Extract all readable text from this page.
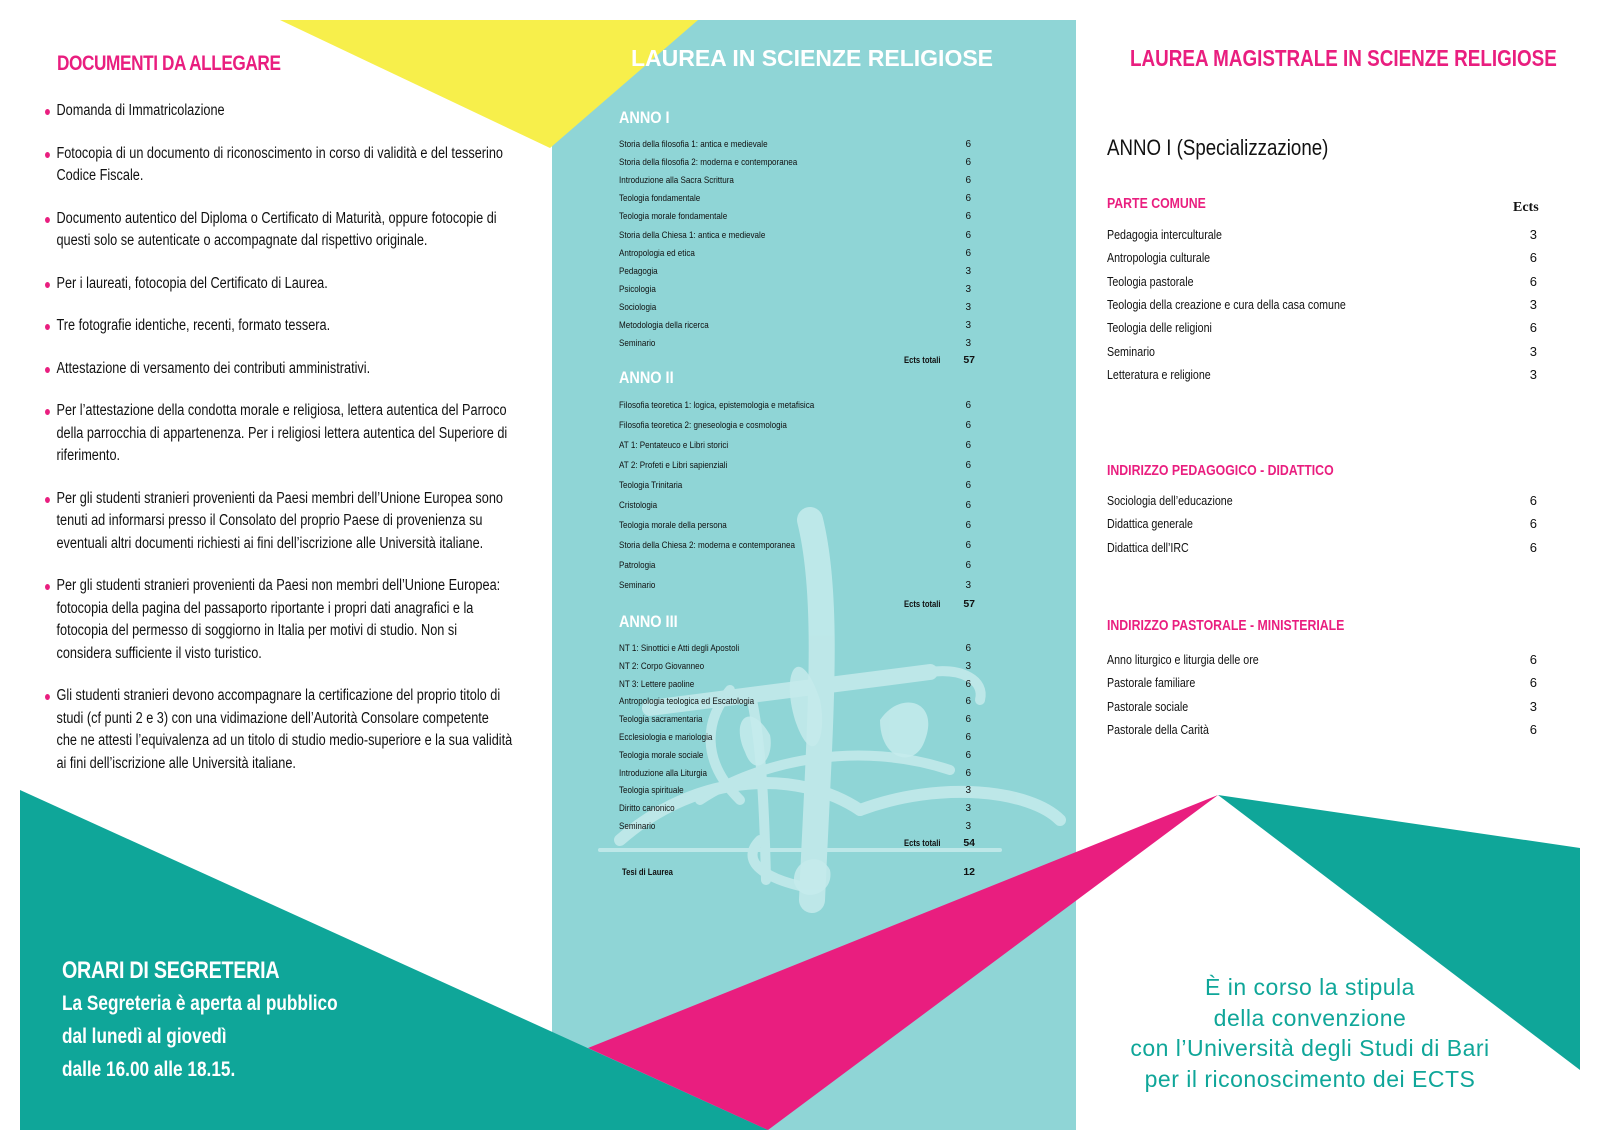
DOCUMENTI DA ALLEGARE
Domanda di Immatricolazione
Fotocopia di un documento di riconoscimento in corso di validità e del tesserino Codice Fiscale.
Documento autentico del Diploma o Certificato di Maturità, oppure fotocopie di questi solo se autenticate o accompagnate dal rispettivo originale.
Per i laureati, fotocopia del Certificato di Laurea.
Tre fotografie identiche, recenti, formato tessera.
Attestazione di versamento dei contributi amministrativi.
Per l’attestazione della condotta morale e religiosa, lettera autentica del Parroco della parrocchia di appartenenza. Per i religiosi lettera autentica del Superiore di riferimento.
Per gli studenti stranieri provenienti da Paesi membri dell’Unione Europea sono tenuti ad informarsi presso il Consolato del proprio Paese di provenienza su eventuali altri documenti richiesti ai fini dell’iscrizione alle Università italiane.
Per gli studenti stranieri provenienti da Paesi non membri dell’Unione Europea: fotocopia della pagina del passaporto riportante i propri dati anagrafici e la fotocopia del permesso di soggiorno in Italia per motivi di studio. Non si considera sufficiente il visto turistico.
Gli studenti stranieri devono accompagnare la certificazione del proprio titolo di studi (cf punti 2 e 3) con una vidimazione dell’Autorità Consolare competente che ne attesti l’equivalenza ad un titolo di studio medio-superiore e la sua validità ai fini dell’iscrizione alle Università italiane.
ORARI DI SEGRETERIA
La Segreteria è aperta al pubblico
dal lunedì al giovedì
dalle 16.00 alle 18.15.
LAUREA IN SCIENZE RELIGIOSE
ANNO I
Storia della filosofia 1: antica e medievale	6
Storia della filosofia 2: moderna e contemporanea	6
Introduzione alla Sacra Scrittura	6
Teologia fondamentale	6
Teologia morale fondamentale	6
Storia della Chiesa 1: antica e medievale	6
Antropologia ed etica	6
Pedagogia	3
Psicologia	3
Sociologia	3
Metodologia della ricerca	3
Seminario	3
Ects totali 57
ANNO II
Filosofia teoretica 1: logica, epistemologia e metafisica	6
Filosofia teoretica 2: gneseologia e cosmologia	6
AT 1: Pentateuco e Libri storici	6
AT 2: Profeti e Libri sapienziali	6
Teologia Trinitaria	6
Cristologia	6
Teologia morale della persona	6
Storia della Chiesa 2: moderna e contemporanea	6
Patrologia	6
Seminario	3
Ects totali 57
ANNO III
NT 1: Sinottici e Atti degli Apostoli	6
NT 2: Corpo Giovanneo	3
NT 3: Lettere paoline	6
Antropologia teologica ed Escatologia	6
Teologia sacramentaria	6
Ecclesiologia e mariologia	6
Teologia morale sociale	6
Introduzione alla Liturgia	6
Teologia spirituale	3
Diritto canonico	3
Seminario	3
Ects totali 54
Tesi di Laurea	12
LAUREA MAGISTRALE IN SCIENZE RELIGIOSE
ANNO I (Specializzazione)
PARTE COMUNE	Ects
INDIRIZZO PEDAGOGICO - DIDATTICO
INDIRIZZO PASTORALE - MINISTERIALE
Pedagogia interculturale	3
Antropologia culturale	6
Teologia pastorale	6
Teologia della creazione e cura della casa comune	3
Teologia delle religioni	6
Seminario	3
Letteratura e religione	3
Sociologia dell’educazione	6
Didattica generale	6
Didattica dell’IRC	6
Anno liturgico e liturgia delle ore	6
Pastorale familiare	6
Pastorale sociale	3
Pastorale della Carità	6
È in corso la stipula
della convenzione
con l’Università degli Studi di Bari
per il riconoscimento dei ECTS
